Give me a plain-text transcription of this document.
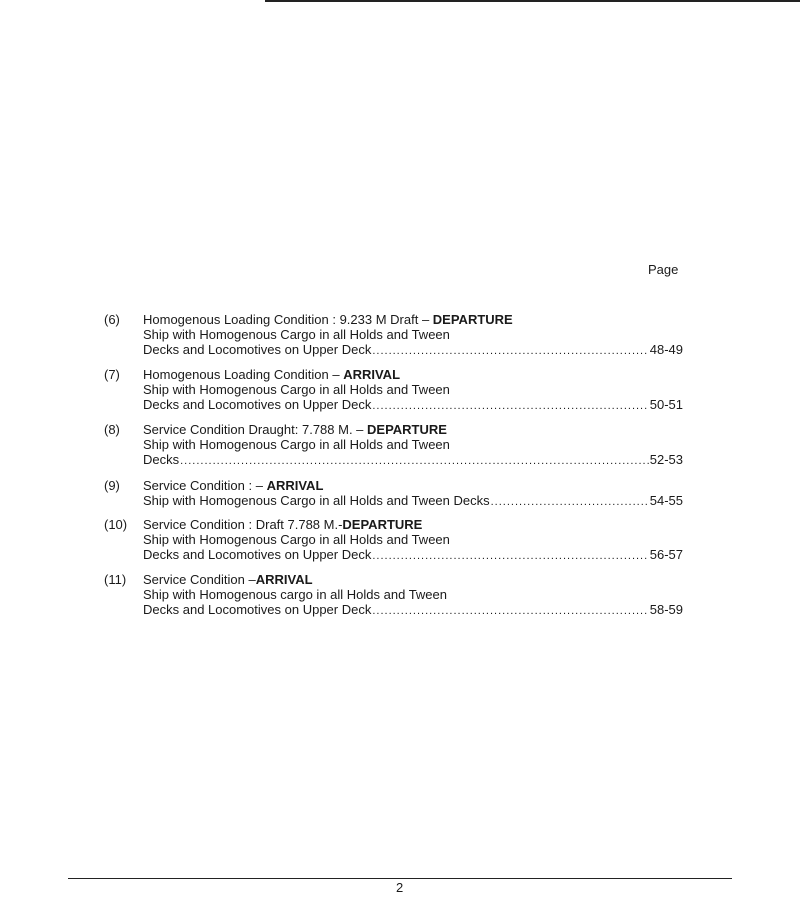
Page
(6) Homogenous Loading Condition : 9.233 M Draft – DEPARTURE
Ship with Homogenous Cargo in all Holds and Tween
Decks and Locomotives on Upper Deck .....	48-49
(7) Homogenous Loading Condition – ARRIVAL
Ship with Homogenous Cargo in all Holds and Tween
Decks and Locomotives on Upper Deck .....	50-51
(8) Service Condition Draught: 7.788 M. – DEPARTURE
Ship with Homogenous Cargo in all Holds and Tween
Decks .....	52-53
(9) Service Condition : – ARRIVAL
Ship with Homogenous Cargo in all Holds and Tween Decks .....	54-55
(10) Service Condition : Draft 7.788 M.-DEPARTURE
Ship with Homogenous Cargo in all Holds and Tween
Decks and Locomotives on Upper Deck .....	56-57
(11) Service Condition –ARRIVAL
Ship with Homogenous cargo in all Holds and Tween
Decks and Locomotives on Upper Deck .....	58-59
2
